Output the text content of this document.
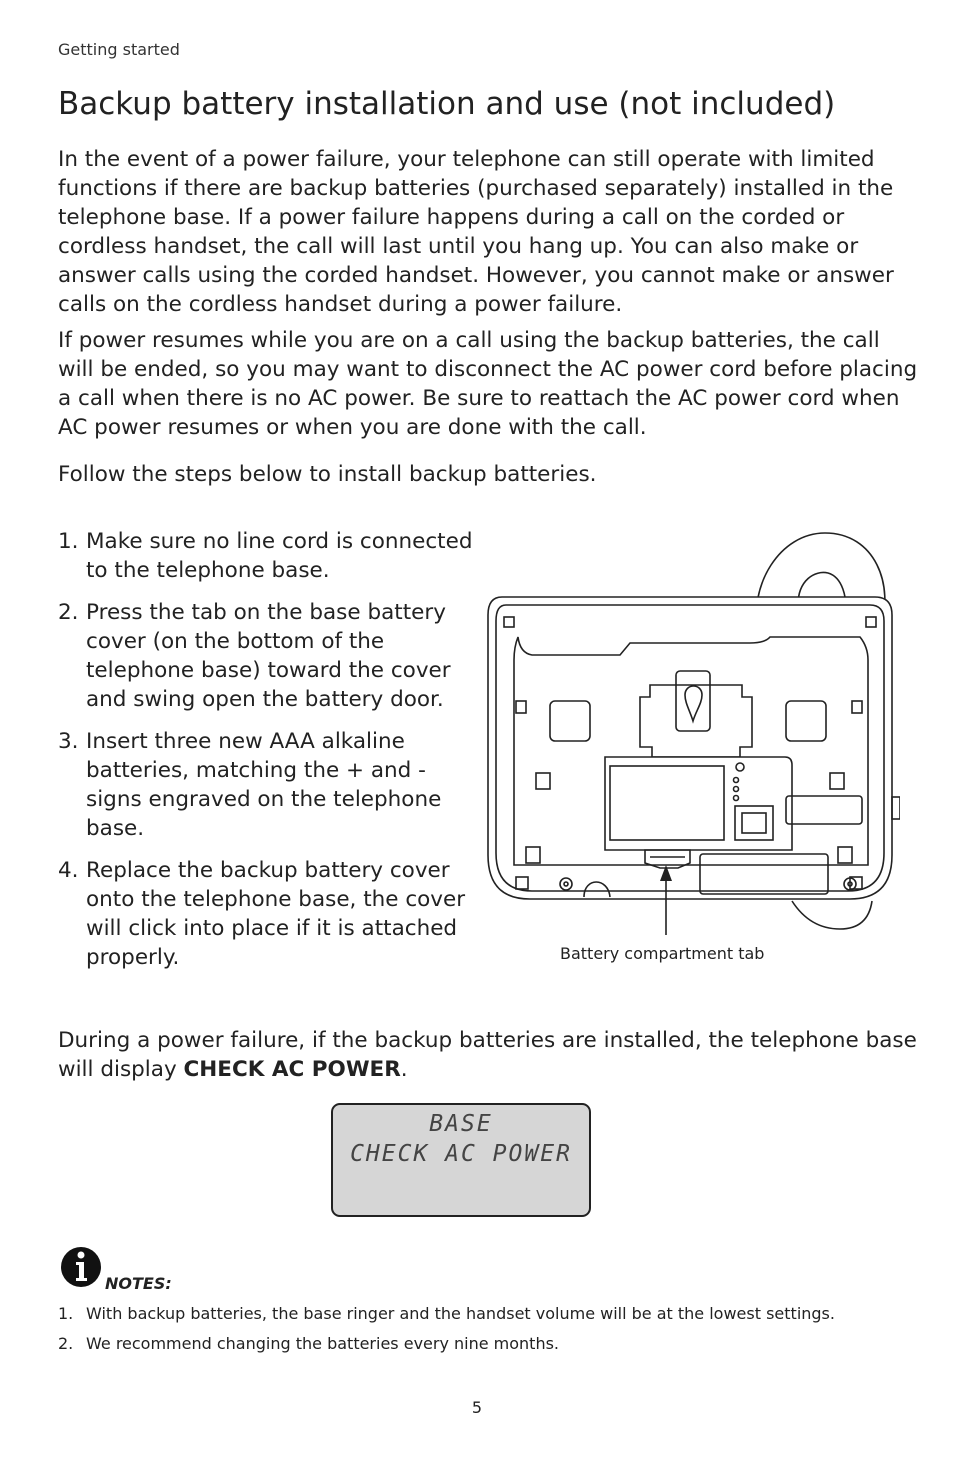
Getting started
Backup battery installation and use (not included)

In the event of a power failure, your telephone can still operate with limited functions if there are backup batteries (purchased separately) installed in the telephone base. If a power failure happens during a call on the corded or cordless handset, the call will last until you hang up. You can also make or answer calls using the corded handset. However, you cannot make or answer calls on the cordless handset during a power failure.

If power resumes while you are on a call using the backup batteries, the call will be ended, so you may want to disconnect the AC power cord before placing a call when there is no AC power. Be sure to reattach the AC power cord when AC power resumes or when you are done with the call.

Follow the steps below to install backup batteries.

1. Make sure no line cord is connected to the telephone base.
2. Press the tab on the base battery cover (on the bottom of the telephone base) toward the cover and swing open the battery door.
3. Insert three new AAA alkaline batteries, matching the + and - signs engraved on the telephone base.
4. Replace the backup battery cover onto the telephone base, the cover will click into place if it is attached properly.	Battery compartment tab

During a power failure, if the backup batteries are installed, the telephone base will display CHECK AC POWER.

BASE
CHECK AC POWER
NOTES:
1. With backup batteries, the base ringer and the handset volume will be at the lowest settings.
2. We recommend changing the batteries every nine months.
5
